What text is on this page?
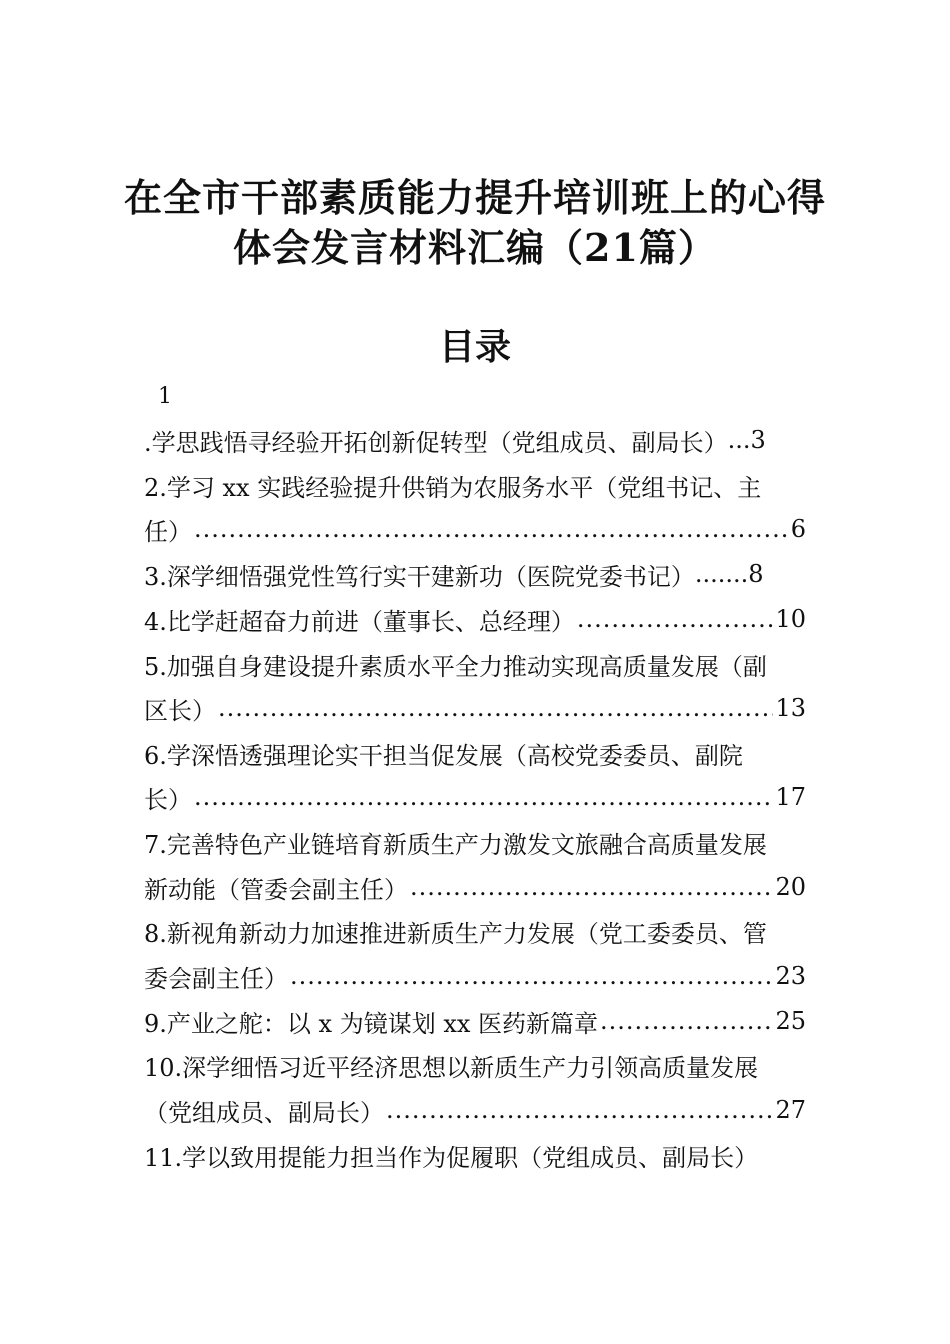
在全市干部素质能力提升培训班上的心得
体会发言材料汇编（21篇）
目录
1
.学思践悟寻经验开拓创新促转型（党组成员、副局长） ...3
2.学习 xx 实践经验提升供销为农服务水平（党组书记、主
任） .....	6
3.深学细悟强党性笃行实干建新功（医院党委书记） .......8
4.比学赶超奋力前进（董事长、总经理） .....	10
5.加强自身建设提升素质水平全力推动实现高质量发展（副
区长） .....	13
6.学深悟透强理论实干担当促发展（高校党委委员、副院
长） .....	17
7.完善特色产业链培育新质生产力激发文旅融合高质量发展
新动能（管委会副主任） .....	20
8.新视角新动力加速推进新质生产力发展（党工委委员、管
委会副主任） .....	23
9.产业之舵：以 x 为镜谋划 xx 医药新篇章 .....	25
10.深学细悟习近平经济思想以新质生产力引领高质量发展
（党组成员、副局长） .....	27
11.学以致用提能力担当作为促履职（党组成员、副局长）
